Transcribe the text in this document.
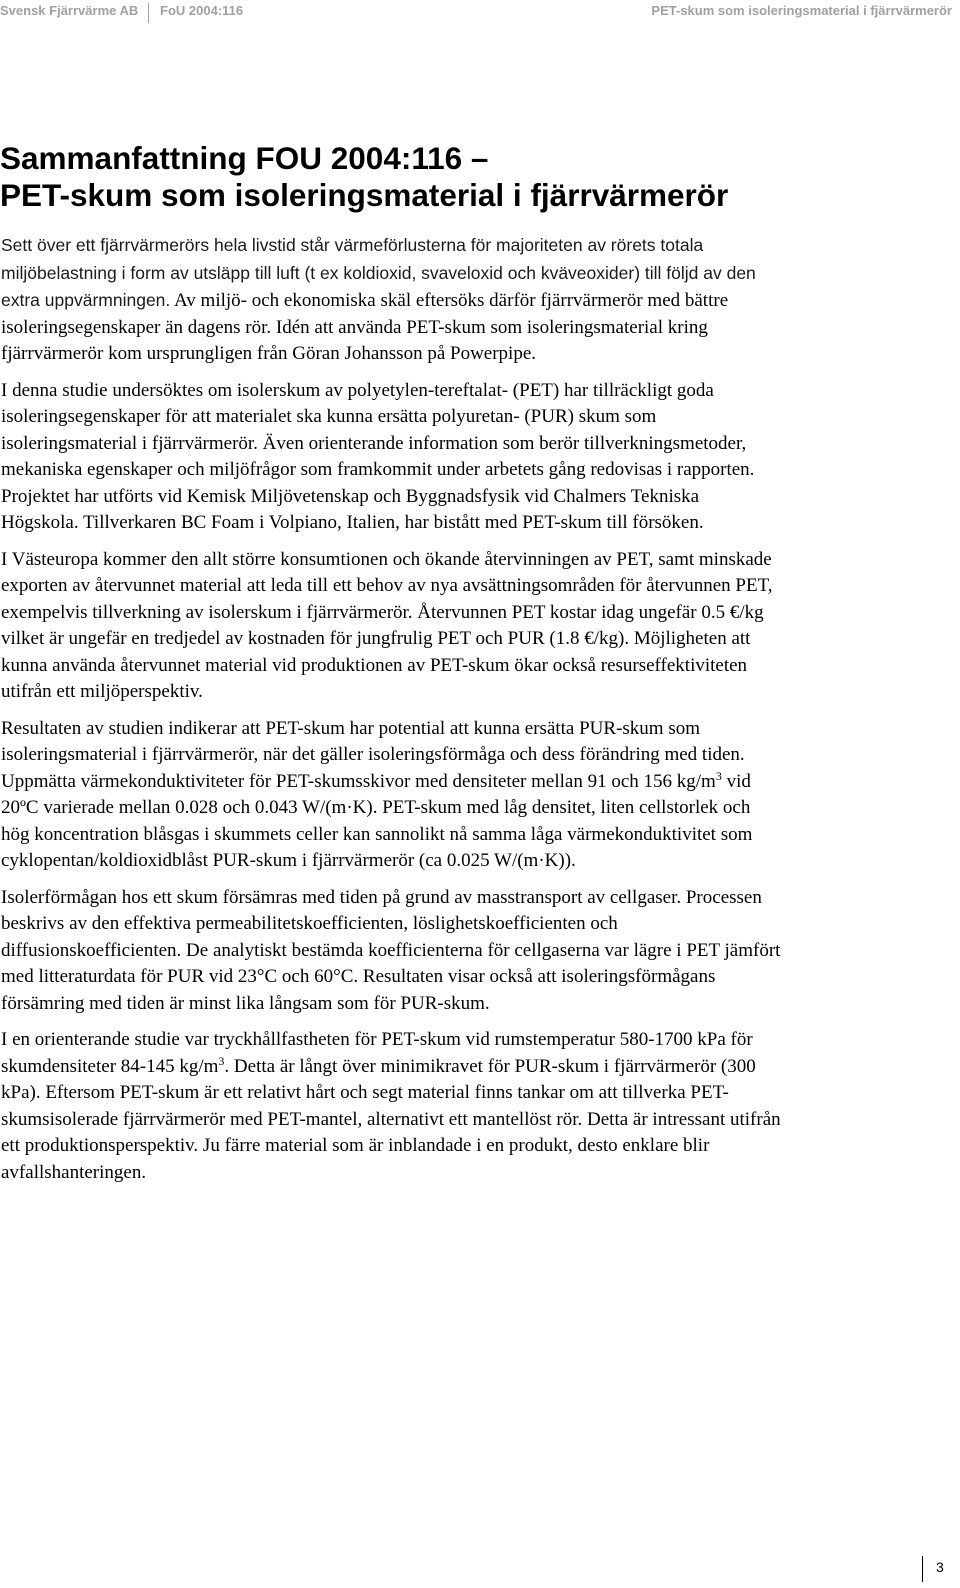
Svensk Fjärrvärme AB FoU 2004:116	PET-skum som isoleringsmaterial i fjärrvärmerör
Sammanfattning FOU 2004:116 –
PET-skum som isoleringsmaterial i fjärrvärmerör

Sett över ett fjärrvärmerörs hela livstid står värmeförlusterna för majoriteten av rörets totala miljöbelastning i form av utsläpp till luft (t ex koldioxid, svaveloxid och kväveoxider) till följd av den extra uppvärmningen. Av miljö- och ekonomiska skäl eftersöks därför fjärrvärmerör med bättre isoleringsegenskaper än dagens rör. Idén att använda PET-skum som isoleringsmaterial kring fjärrvärmerör kom ursprungligen från Göran Johansson på Powerpipe.

I denna studie undersöktes om isolerskum av polyetylen-tereftalat- (PET) har tillräckligt goda isoleringsegenskaper för att materialet ska kunna ersätta polyuretan- (PUR) skum som isoleringsmaterial i fjärrvärmerör. Även orienterande information som berör tillverkningsmetoder, mekaniska egenskaper och miljöfrågor som framkommit under arbetets gång redovisas i rapporten. Projektet har utförts vid Kemisk Miljövetenskap och Byggnadsfysik vid Chalmers Tekniska Högskola. Tillverkaren BC Foam i Volpiano, Italien, har bistått med PET-skum till försöken.

I Västeuropa kommer den allt större konsumtionen och ökande återvinningen av PET, samt minskade exporten av återvunnet material att leda till ett behov av nya avsättningsområden för återvunnen PET, exempelvis tillverkning av isolerskum i fjärrvärmerör. Återvunnen PET kostar idag ungefär 0.5 €/kg vilket är ungefär en tredjedel av kostnaden för jungfrulig PET och PUR (1.8 €/kg). Möjligheten att kunna använda återvunnet material vid produktionen av PET-skum ökar också resurseffektiviteten utifrån ett miljöperspektiv.

Resultaten av studien indikerar att PET-skum har potential att kunna ersätta PUR-skum som isoleringsmaterial i fjärrvärmerör, när det gäller isoleringsförmåga och dess förändring med tiden. Uppmätta värmekonduktiviteter för PET-skumsskivor med densiteter mellan 91 och 156 $kg/m^3$ vid 20ºC varierade mellan 0.028 och 0.043 W/(m·K). PET-skum med låg densitet, liten cellstorlek och hög koncentration blåsgas i skummets celler kan sannolikt nå samma låga värmekonduktivitet som cyklopentan/koldioxidblåst PUR-skum i fjärrvärmerör (ca 0.025 W/(m·K)).

Isolerförmågan hos ett skum försämras med tiden på grund av masstransport av cellgaser. Processen beskrivs av den effektiva permeabilitetskoefficienten, löslighetskoefficienten och diffusionskoefficienten. De analytiskt bestämda koefficienterna för cellgaserna var lägre i PET jämfört med litteraturdata för PUR vid 23°C och 60°C. Resultaten visar också att isoleringsförmågans försämring med tiden är minst lika långsam som för PUR-skum.

I en orienterande studie var tryckhållfastheten för PET-skum vid rumstemperatur 580-1700 kPa för skumdensiteter 84-145 $kg/m^3$. Detta är långt över minimikravet för PUR-skum i fjärrvärmerör (300 kPa). Eftersom PET-skum är ett relativt hårt och segt material finns tankar om att tillverka PET-skumsisolerade fjärrvärmerör med PET-mantel, alternativt ett mantellöst rör. Detta är intressant utifrån ett produktionsperspektiv. Ju färre material som är inblandade i en produkt, desto enklare blir avfallshanteringen.

3
